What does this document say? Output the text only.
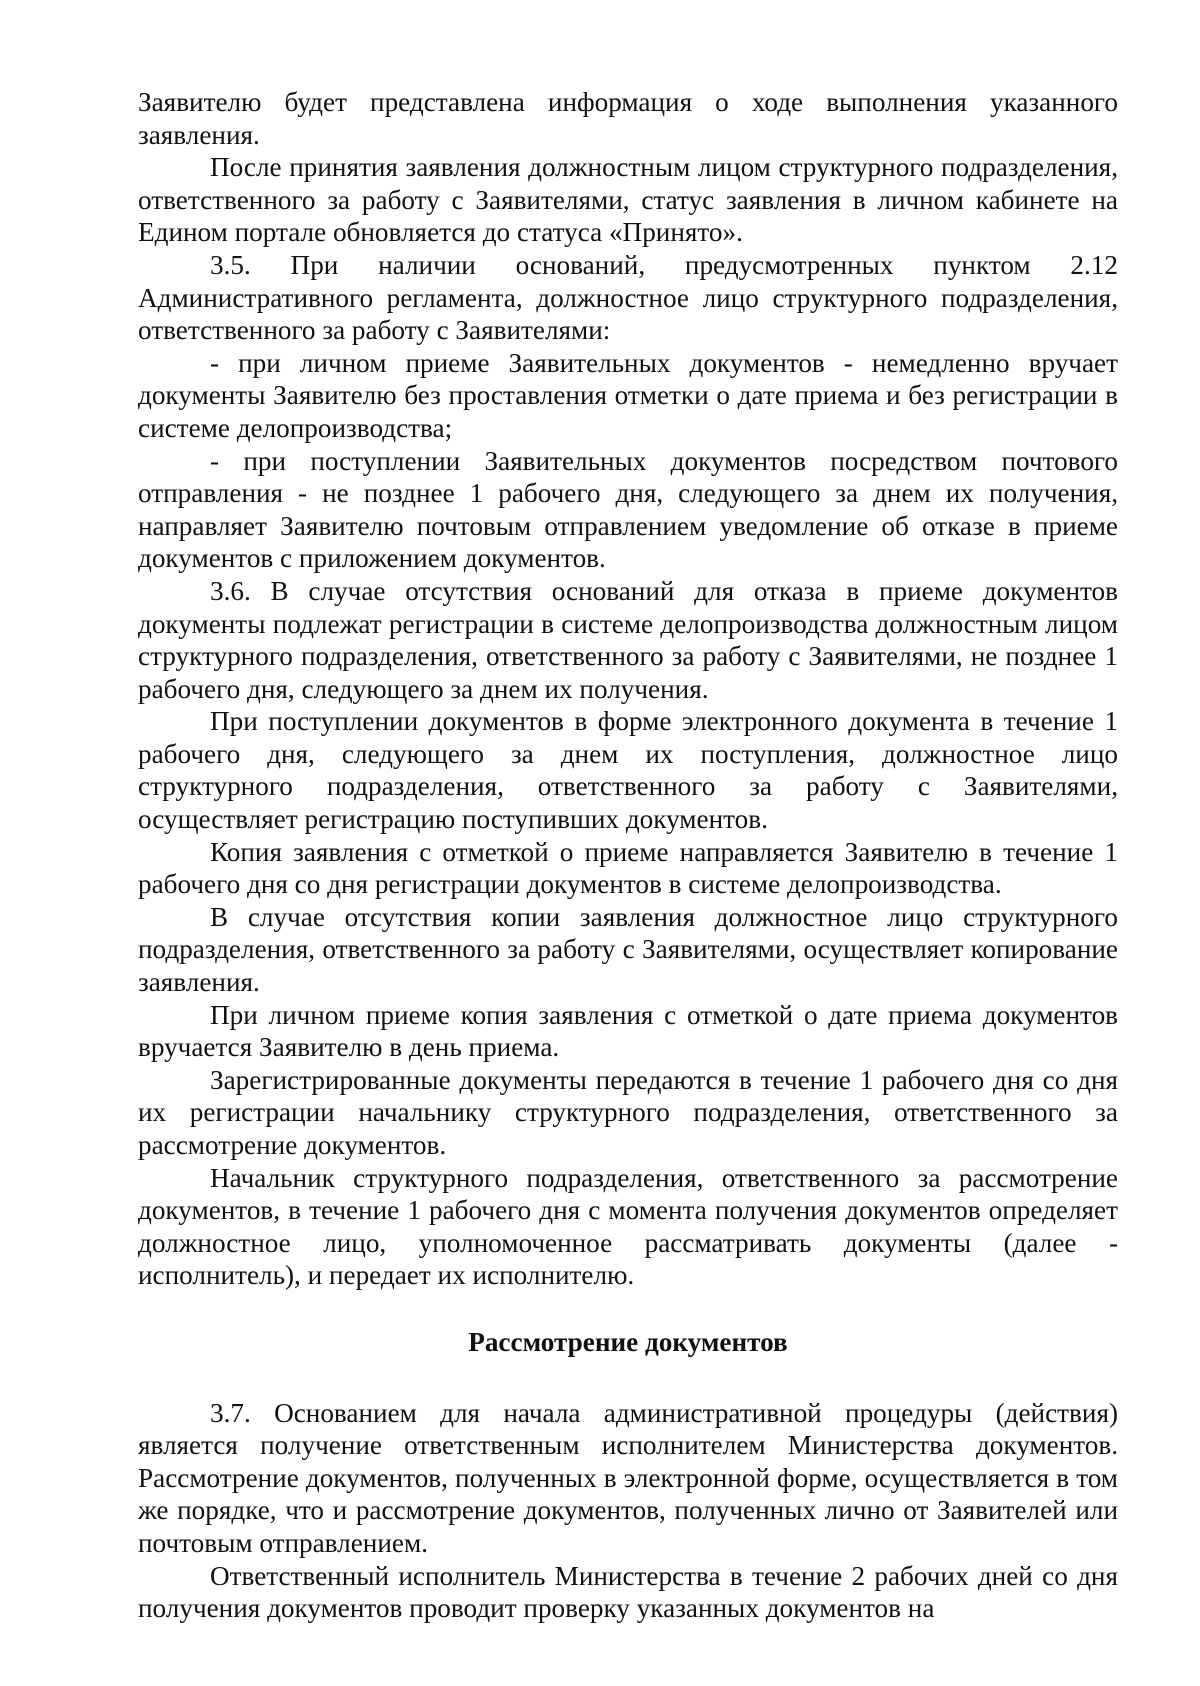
Заявителю будет представлена информация о ходе выполнения указанного заявления.

После принятия заявления должностным лицом структурного подразделения, ответственного за работу с Заявителями, статус заявления в личном кабинете на Едином портале обновляется до статуса «Принято».

3.5. При наличии оснований, предусмотренных пунктом 2.12 Административного регламента, должностное лицо структурного подразделения, ответственного за работу с Заявителями:

- при личном приеме Заявительных документов - немедленно вручает документы Заявителю без проставления отметки о дате приема и без регистрации в системе делопроизводства;

- при поступлении Заявительных документов посредством почтового отправления - не позднее 1 рабочего дня, следующего за днем их получения, направляет Заявителю почтовым отправлением уведомление об отказе в приеме документов с приложением документов.

3.6. В случае отсутствия оснований для отказа в приеме документов документы подлежат регистрации в системе делопроизводства должностным лицом структурного подразделения, ответственного за работу с Заявителями, не позднее 1 рабочего дня, следующего за днем их получения.

При поступлении документов в форме электронного документа в течение 1 рабочего дня, следующего за днем их поступления, должностное лицо структурного подразделения, ответственного за работу с Заявителями, осуществляет регистрацию поступивших документов.

Копия заявления с отметкой о приеме направляется Заявителю в течение 1 рабочего дня со дня регистрации документов в системе делопроизводства.

В случае отсутствия копии заявления должностное лицо структурного подразделения, ответственного за работу с Заявителями, осуществляет копирование заявления.

При личном приеме копия заявления с отметкой о дате приема документов вручается Заявителю в день приема.

Зарегистрированные документы передаются в течение 1 рабочего дня со дня их регистрации начальнику структурного подразделения, ответственного за рассмотрение документов.

Начальник структурного подразделения, ответственного за рассмотрение документов, в течение 1 рабочего дня с момента получения документов определяет должностное лицо, уполномоченное рассматривать документы (далее - исполнитель), и передает их исполнителю.

Рассмотрение документов

3.7. Основанием для начала административной процедуры (действия) является получение ответственным исполнителем Министерства документов. Рассмотрение документов, полученных в электронной форме, осуществляется в том же порядке, что и рассмотрение документов, полученных лично от Заявителей или почтовым отправлением.

Ответственный исполнитель Министерства в течение 2 рабочих дней со дня получения документов проводит проверку указанных документов на
